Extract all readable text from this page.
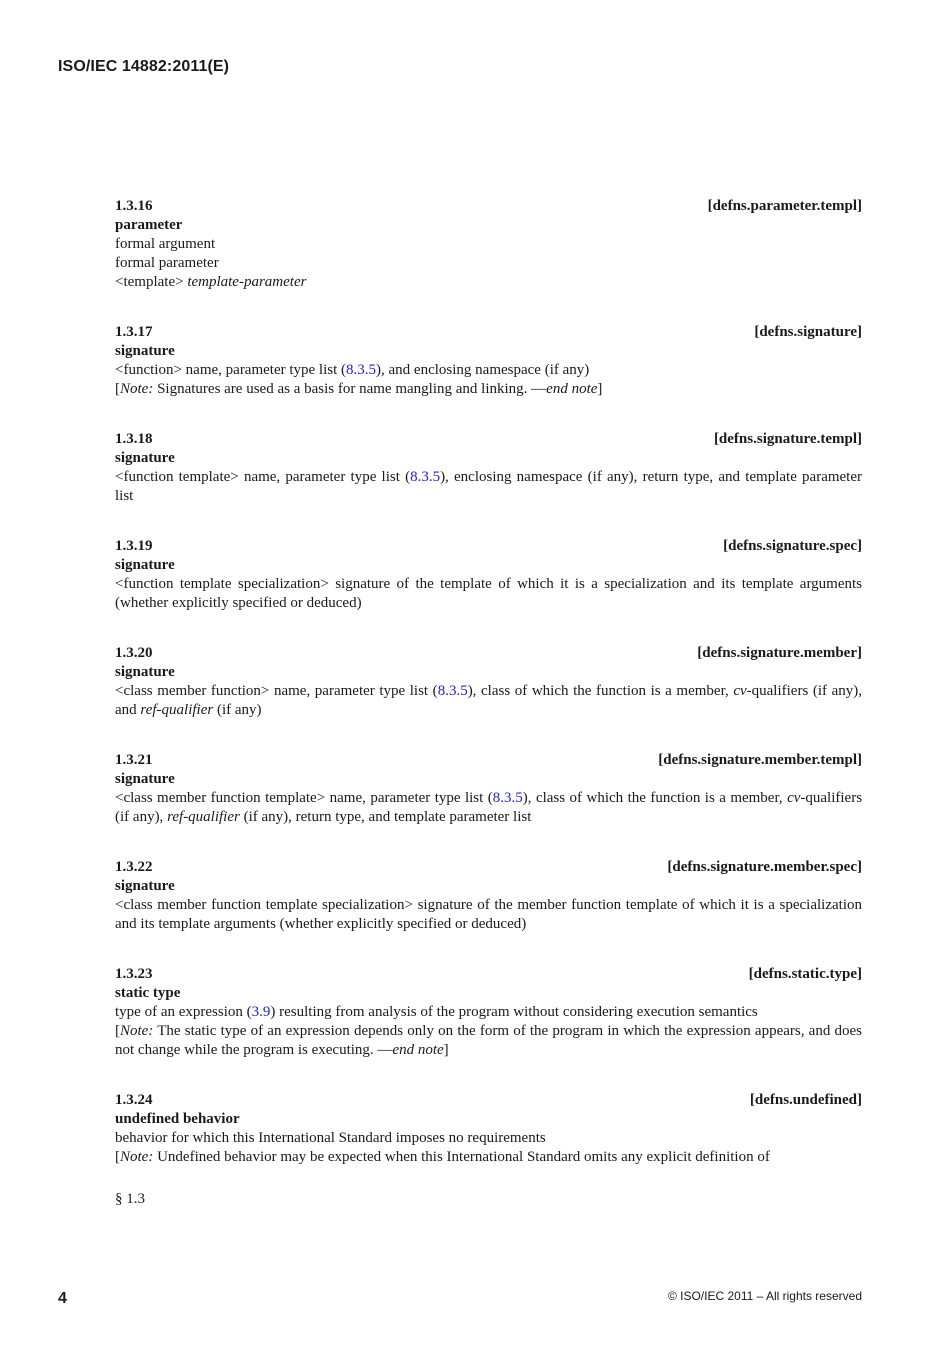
ISO/IEC 14882:2011(E)
1.3.16	[defns.parameter.templ]
parameter
formal argument
formal parameter
<template> template-parameter
1.3.17	[defns.signature]
signature
<function> name, parameter type list (8.3.5), and enclosing namespace (if any)
[Note: Signatures are used as a basis for name mangling and linking. —end note]
1.3.18	[defns.signature.templ]
signature
<function template> name, parameter type list (8.3.5), enclosing namespace (if any), return type, and template parameter list
1.3.19	[defns.signature.spec]
signature
<function template specialization> signature of the template of which it is a specialization and its template arguments (whether explicitly specified or deduced)
1.3.20	[defns.signature.member]
signature
<class member function> name, parameter type list (8.3.5), class of which the function is a member, cv-qualifiers (if any), and ref-qualifier (if any)
1.3.21	[defns.signature.member.templ]
signature
<class member function template> name, parameter type list (8.3.5), class of which the function is a member, cv-qualifiers (if any), ref-qualifier (if any), return type, and template parameter list
1.3.22	[defns.signature.member.spec]
signature
<class member function template specialization> signature of the member function template of which it is a specialization and its template arguments (whether explicitly specified or deduced)
1.3.23	[defns.static.type]
static type
type of an expression (3.9) resulting from analysis of the program without considering execution semantics
[Note: The static type of an expression depends only on the form of the program in which the expression appears, and does not change while the program is executing. —end note]
1.3.24	[defns.undefined]
undefined behavior
behavior for which this International Standard imposes no requirements
[Note: Undefined behavior may be expected when this International Standard omits any explicit definition of
§ 1.3
4	© ISO/IEC 2011 – All rights reserved
